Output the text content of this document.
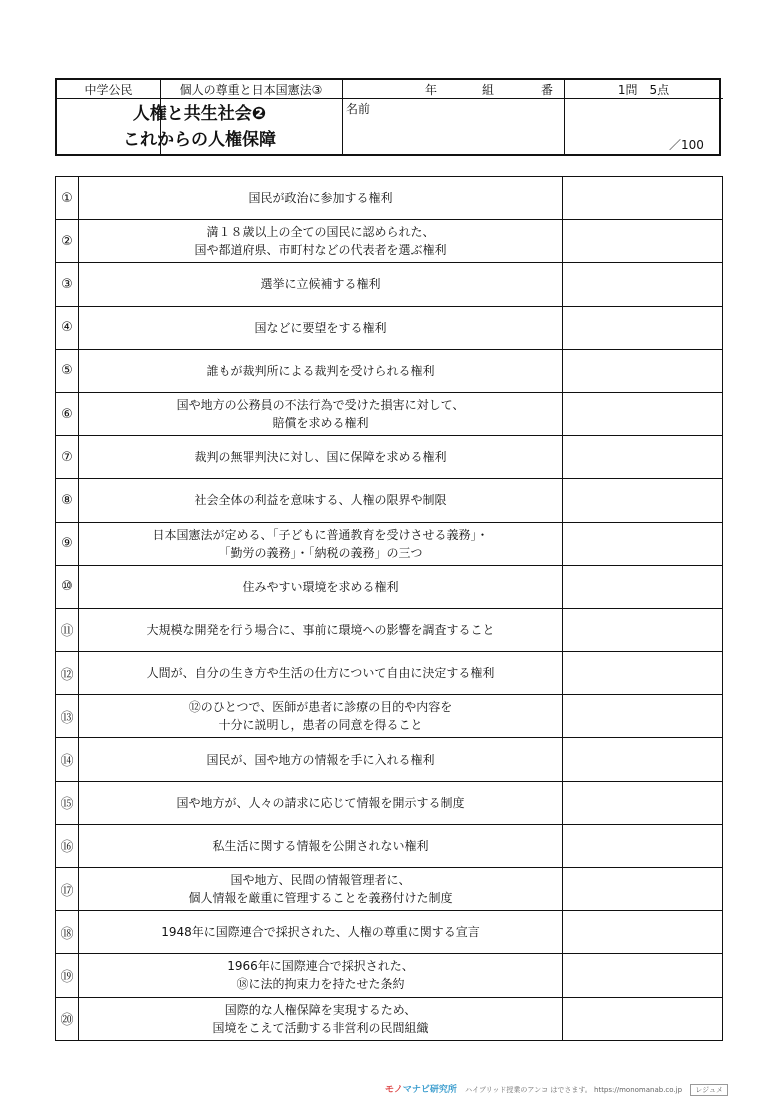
中学公民	個人の尊重と日本国憲法③	年	組	番	1問　5点
人権と共生社会❷
これからの人権保障
名前
／100
①	国民が政治に参加する権利	

②	満１８歳以上の全ての国民に認められた、
国や都道府県、市町村などの代表者を選ぶ権利	

③	選挙に立候補する権利	

④	国などに要望をする権利	

⑤	誰もが裁判所による裁判を受けられる権利	

⑥	国や地方の公務員の不法行為で受けた損害に対して、
賠償を求める権利	

⑦	裁判の無罪判決に対し、国に保障を求める権利	

⑧	社会全体の利益を意味する、人権の限界や制限	

⑨	日本国憲法が定める、「子どもに普通教育を受けさせる義務」・
「勤労の義務」・「納税の義務」の三つ	

⑩	住みやすい環境を求める権利	

⑪	大規模な開発を行う場合に、事前に環境への影響を調査すること	

⑫	人間が、自分の生き方や生活の仕方について自由に決定する権利	

⑬	⑫のひとつで、医師が患者に診療の目的や内容を
十分に説明し，患者の同意を得ること	

⑭	国民が、国や地方の情報を手に入れる権利	

⑮	国や地方が、人々の請求に応じて情報を開示する制度	

⑯	私生活に関する情報を公開されない権利	

⑰	国や地方、民間の情報管理者に、
個人情報を厳重に管理することを義務付けた制度	

⑱	1948年に国際連合で採択された、人権の尊重に関する宣言	

⑲	1966年に国際連合で採択された、
⑱に法的拘束力を持たせた条約	

⑳	国際的な人権保障を実現するため、
国境をこえて活動する非営利の民間組織	

モノマナビ研究所 ハイブリッド授業のアンコ はでさます。 https://monomanab.co.jp レジュメ
